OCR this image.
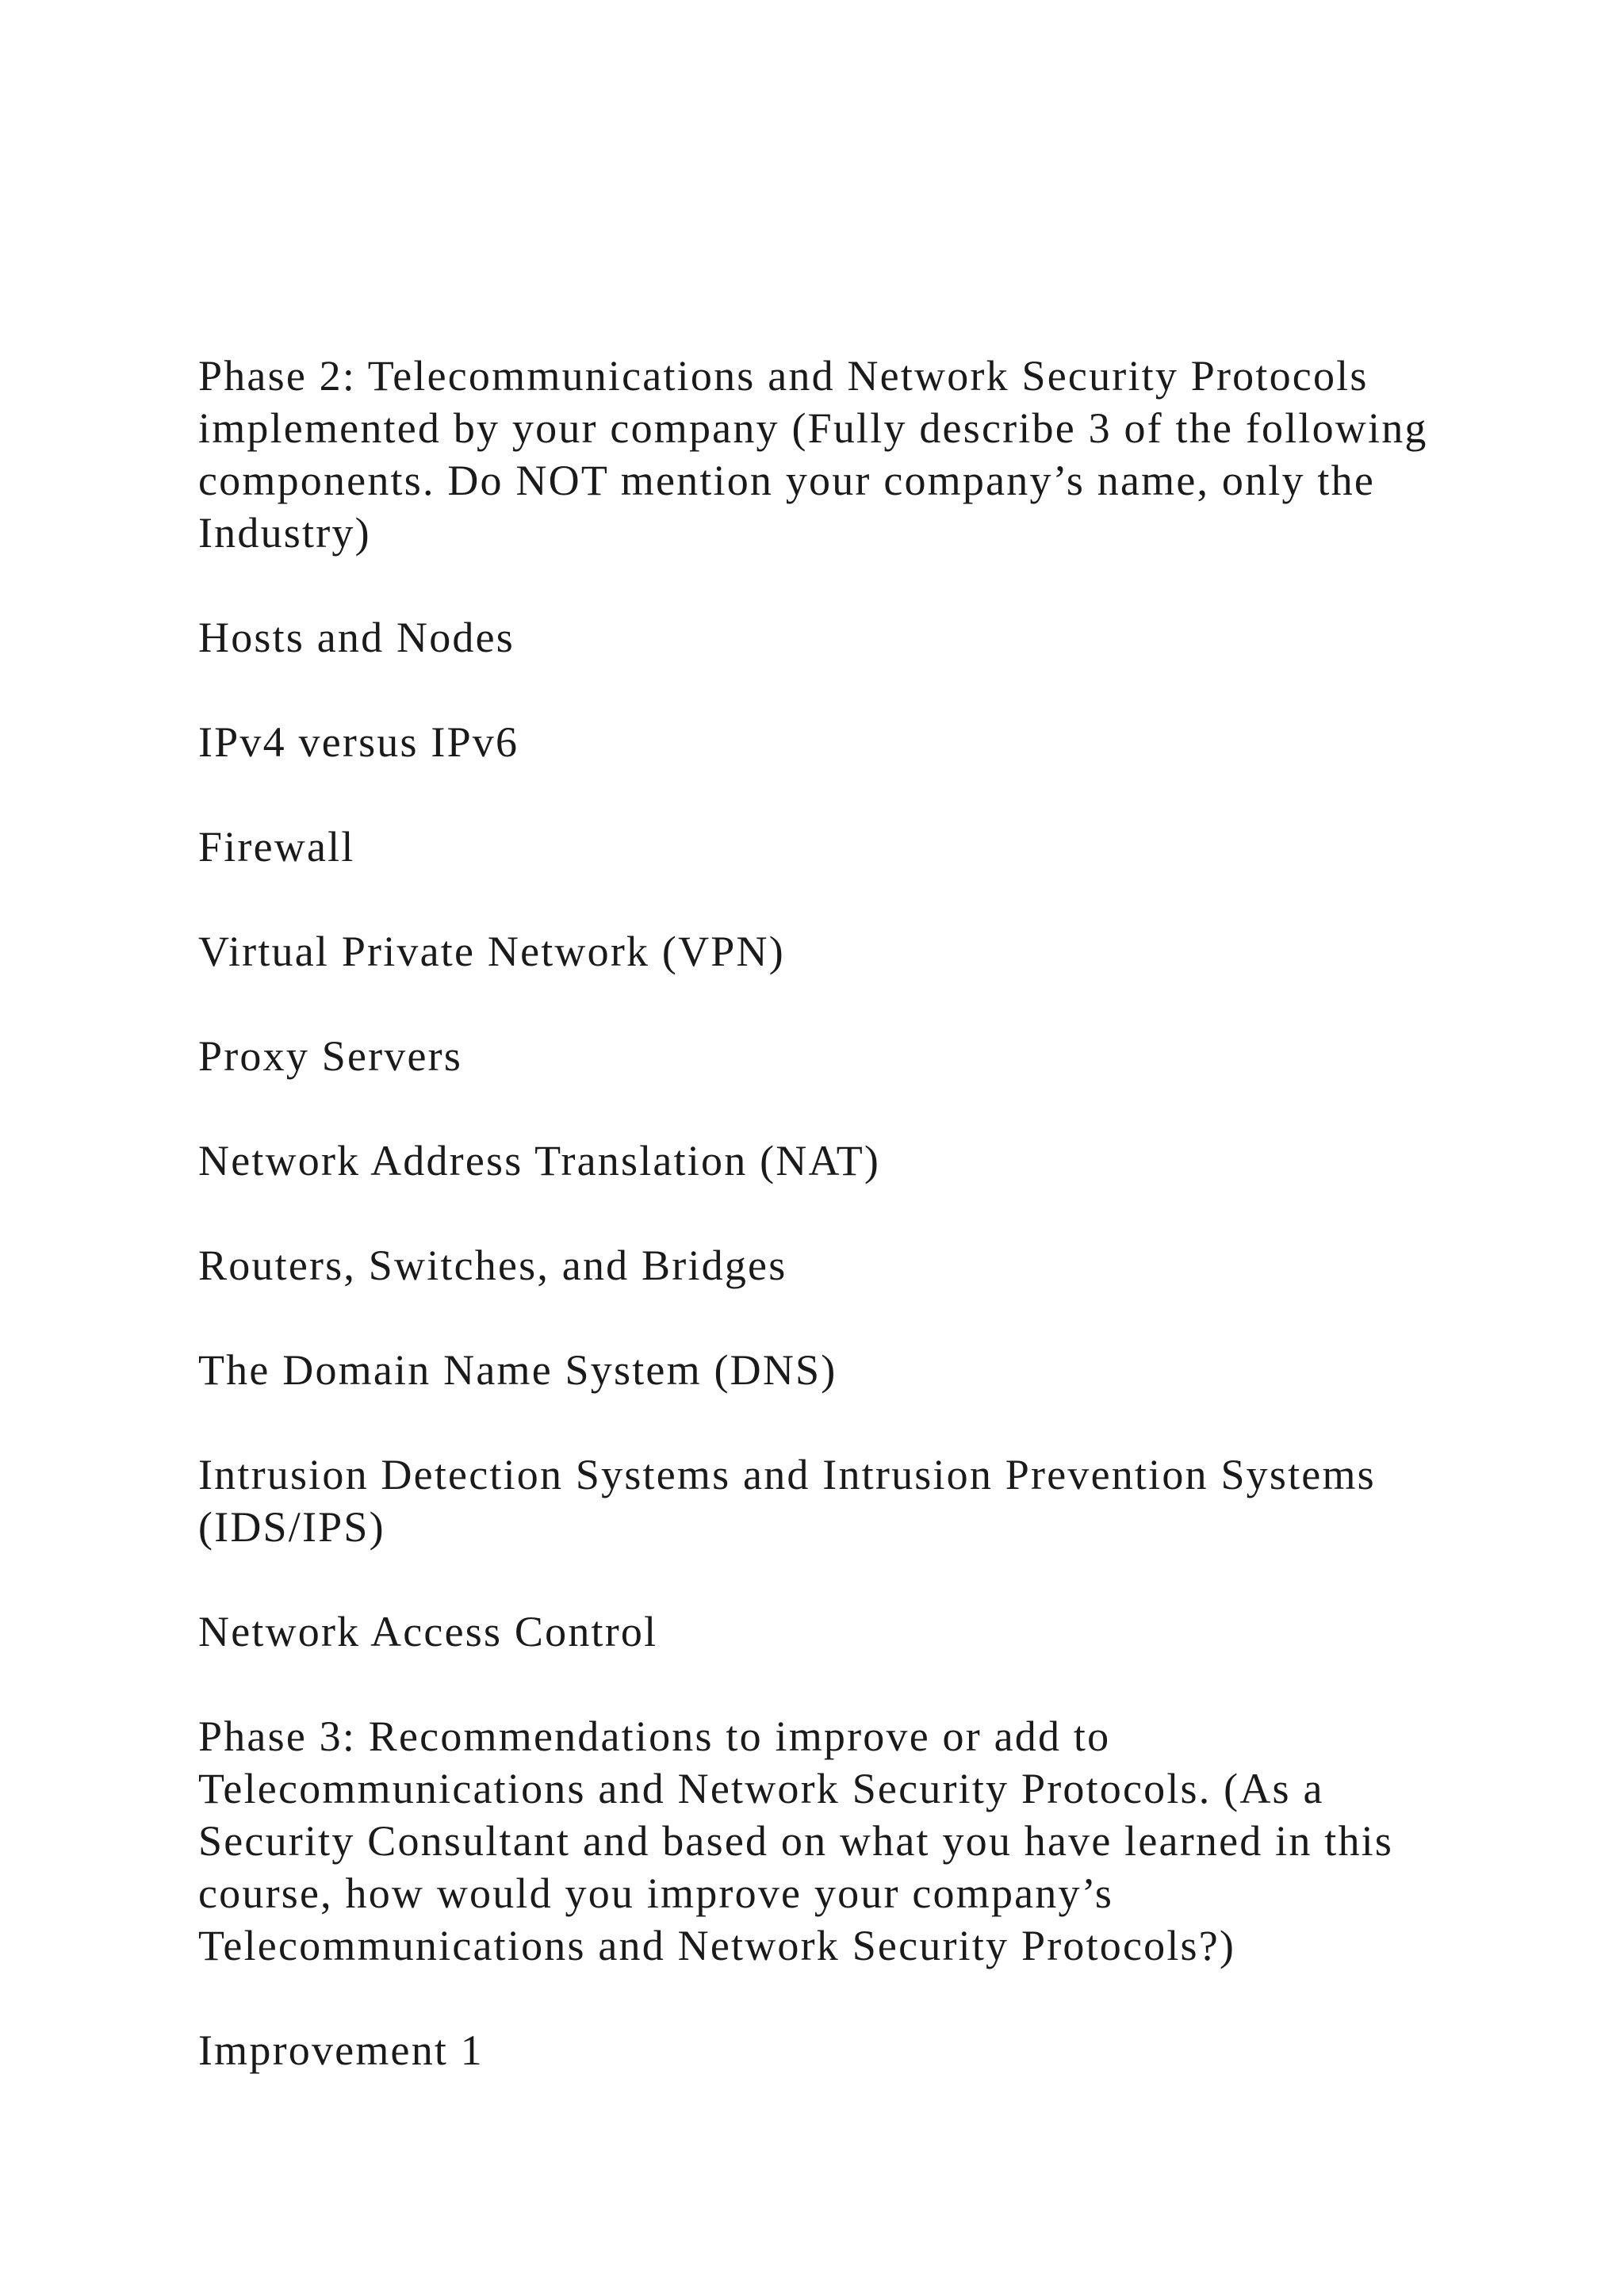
Phase 2: Telecommunications and Network Security Protocols implemented by your company (Fully describe 3 of the following components. Do NOT mention your company’s name, only the Industry)

Hosts and Nodes

IPv4 versus IPv6

Firewall

Virtual Private Network (VPN)

Proxy Servers

Network Address Translation (NAT)

Routers, Switches, and Bridges

The Domain Name System (DNS)

Intrusion Detection Systems and Intrusion Prevention Systems (IDS/IPS)

Network Access Control

Phase 3: Recommendations to improve or add to Telecommunications and Network Security Protocols. (As a Security Consultant and based on what you have learned in this course, how would you improve your company’s Telecommunications and Network Security Protocols?)

Improvement 1
